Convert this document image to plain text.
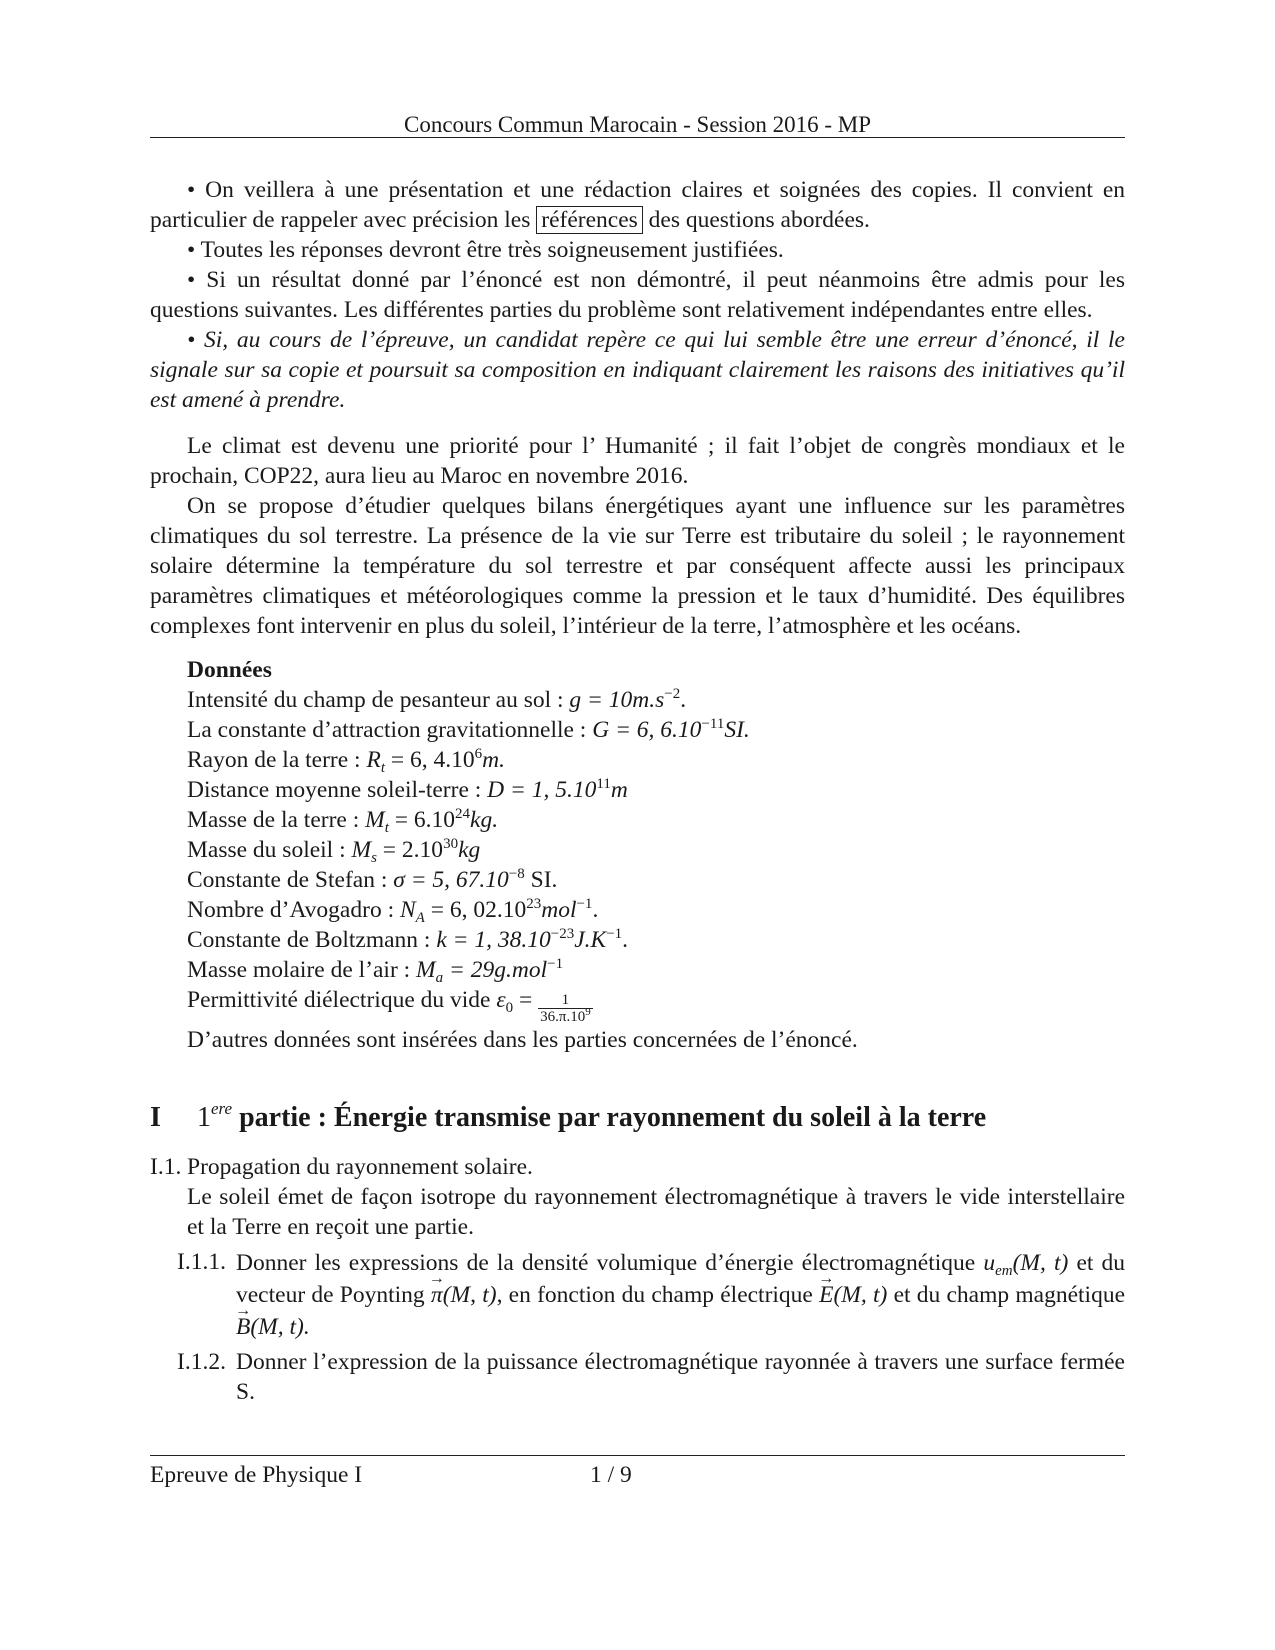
Concours Commun Marocain - Session 2016 - MP

• On veillera à une présentation et une rédaction claires et soignées des copies. Il convient en particulier de rappeler avec précision les références des questions abordées.

• Toutes les réponses devront être très soigneusement justifiées.

• Si un résultat donné par l’énoncé est non démontré, il peut néanmoins être admis pour les questions suivantes. Les différentes parties du problème sont relativement indépendantes entre elles.

• Si, au cours de l’épreuve, un candidat repère ce qui lui semble être une erreur d’énoncé, il le signale sur sa copie et poursuit sa composition en indiquant clairement les raisons des initiatives qu’il est amené à prendre.

Le climat est devenu une priorité pour l’ Humanité ; il fait l’objet de congrès mondiaux et le prochain, COP22, aura lieu au Maroc en novembre 2016.

On se propose d’étudier quelques bilans énergétiques ayant une influence sur les paramètres climatiques du sol terrestre. La présence de la vie sur Terre est tributaire du soleil ; le rayonnement solaire détermine la température du sol terrestre et par conséquent affecte aussi les principaux paramètres climatiques et météorologiques comme la pression et le taux d’humidité. Des équilibres complexes font intervenir en plus du soleil, l’intérieur de la terre, l’atmosphère et les océans.

Données
Intensité du champ de pesanteur au sol : $g = 10m.s^{-2}$.
La constante d’attraction gravitationnelle : G = 6, $6.10^{-11}SI$.
Rayon de la terre : $R_t = 6$, 4.10$^6$m.
Distance moyenne soleil-terre : D = 1, 5.10$^{11}$m
Masse de la terre : $M_t = 6.10^{24}kg$.
Masse du soleil : $M_s = 2.10^{30}kg$
Constante de Stefan : σ = 5, $67.10^{-8}$ SI.
Nombre d’Avogadro : $N_A = 6$, 02.10$^{23}$mol$^{-1}$.
Constante de Boltzmann : k = 1, $38.10^{-23}J.K^{-1}$.
Masse molaire de l’air : $M_a = 29g.mol^{-1}$
Permittivité diélectrique du vide $\varepsilon_0 = \frac{1}{36.\pi.10^9}$
D’autres données sont insérées dans les parties concernées de l’énoncé.
I 1ere partie : Énergie transmise par rayonnement du soleil à la terre
I.1. Propagation du rayonnement solaire.
Le soleil émet de façon isotrope du rayonnement électromagnétique à travers le vide interstellaire et la Terre en reçoit une partie.
I.1.1. Donner les expressions de la densité volumique d’énergie électromagnétique $u_{em}(M$, t) et du vecteur de Poynting → π(M, t), en fonction du champ électrique → E(M, t) et du champ magnétique → B(M, t).
I.1.2. Donner l’expression de la puissance électromagnétique rayonnée à travers une surface fermée S.
Epreuve de Physique I	1 / 9
